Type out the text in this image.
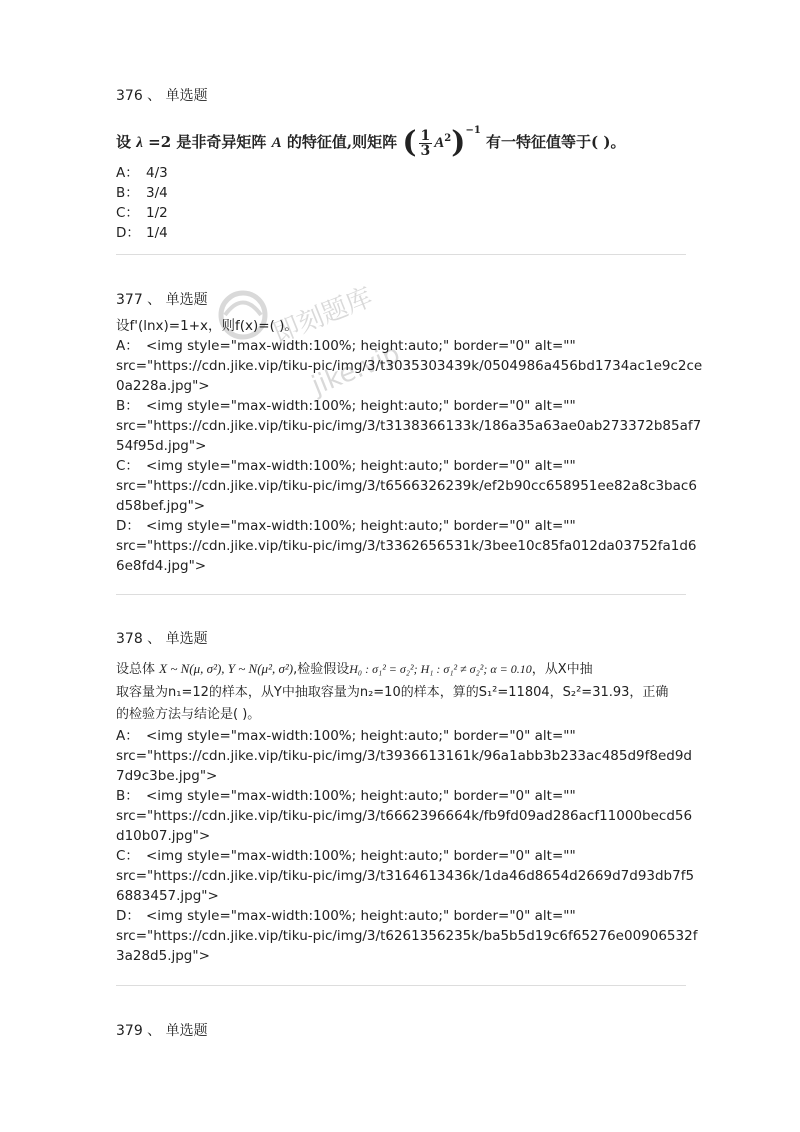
即刻题库
jike.vip
376 、 单选题
设 λ =2 是非奇异矩阵 A 的特征值,则矩阵 ( $\frac{1}{3} A^2)^{-1}$ 有一特征值等于( )。
A： 4/3
B： 3/4
C： 1/2
D： 1/4
377 、 单选题
设f'(lnx)=1+x，则f(x)=( )。
A： <img style="max-width:100%; height:auto;" border="0" alt=""
src="https://cdn.jike.vip/tiku-pic/img/3/t3035303439k/0504986a456bd1734ac1e9c2ce
0a228a.jpg">
B： <img style="max-width:100%; height:auto;" border="0" alt=""
src="https://cdn.jike.vip/tiku-pic/img/3/t3138366133k/186a35a63ae0ab273372b85af7
54f95d.jpg">
C： <img style="max-width:100%; height:auto;" border="0" alt=""
src="https://cdn.jike.vip/tiku-pic/img/3/t6566326239k/ef2b90cc658951ee82a8c3bac6
d58bef.jpg">
D： <img style="max-width:100%; height:auto;" border="0" alt=""
src="https://cdn.jike.vip/tiku-pic/img/3/t3362656531k/3bee10c85fa012da03752fa1d6
6e8fd4.jpg">
378 、 单选题
设总体 X ~ N(μ, σ²), Y ~ N(μ², σ²),检验假设H₀ : σ₁² = σ₂²; H₁ : σ₁² ≠ σ₂²; α = 0.10，从X中抽
取容量为n₁=12的样本，从Y中抽取容量为n₂=10的样本，算的S₁²=11804，S₂²=31.93，正确
的检验方法与结论是( )。
A： <img style="max-width:100%; height:auto;" border="0" alt=""
src="https://cdn.jike.vip/tiku-pic/img/3/t3936613161k/96a1abb3b233ac485d9f8ed9d
7d9c3be.jpg">
B： <img style="max-width:100%; height:auto;" border="0" alt=""
src="https://cdn.jike.vip/tiku-pic/img/3/t6662396664k/fb9fd09ad286acf11000becd56
d10b07.jpg">
C： <img style="max-width:100%; height:auto;" border="0" alt=""
src="https://cdn.jike.vip/tiku-pic/img/3/t3164613436k/1da46d8654d2669d7d93db7f5
6883457.jpg">
D： <img style="max-width:100%; height:auto;" border="0" alt=""
src="https://cdn.jike.vip/tiku-pic/img/3/t6261356235k/ba5b5d19c6f65276e00906532f
3a28d5.jpg">
379 、 单选题
